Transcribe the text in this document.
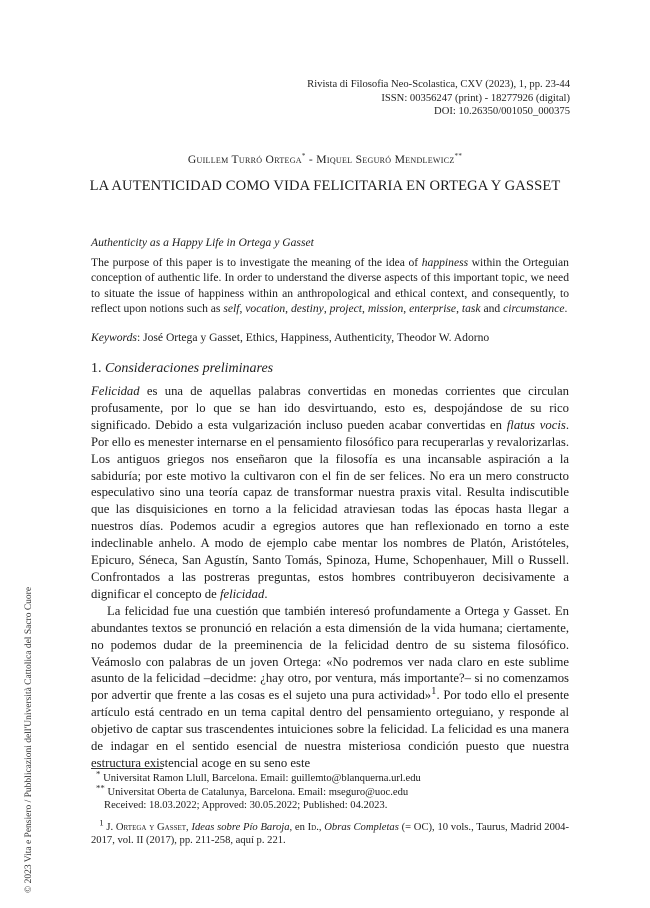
Rivista di Filosofia Neo-Scolastica, CXV (2023), 1, pp. 23-44
ISSN: 00356247 (print) - 18277926 (digital)
DOI: 10.26350/001050_000375
Guillem Turró Ortega* - Miquel Seguró Mendlewicz**
LA AUTENTICIDAD COMO VIDA FELICITARIA EN ORTEGA Y GASSET
Authenticity as a Happy Life in Ortega y Gasset
The purpose of this paper is to investigate the meaning of the idea of happiness within the Orteguian conception of authentic life. In order to understand the diverse aspects of this important topic, we need to situate the issue of happiness within an anthropological and ethical context, and consequently, to reflect upon notions such as self, vocation, destiny, project, mission, enterprise, task and circumstance.
Keywords: José Ortega y Gasset, Ethics, Happiness, Authenticity, Theodor W. Adorno
1. Consideraciones preliminares

Felicidad es una de aquellas palabras convertidas en monedas corrientes que circulan profusamente, por lo que se han ido desvirtuando, esto es, despojándose de su rico significado. Debido a esta vulgarización incluso pueden acabar convertidas en flatus vocis. Por ello es menester internarse en el pensamiento filosófico para recuperarlas y revalorizarlas. Los antiguos griegos nos enseñaron que la filosofía es una incansable aspiración a la sabiduría; por este motivo la cultivaron con el fin de ser felices. No era un mero constructo especulativo sino una teoría capaz de transformar nuestra praxis vital. Resulta indiscutible que las disquisiciones en torno a la felicidad atraviesan todas las épocas hasta llegar a nuestros días. Podemos acudir a egregios autores que han reflexionado en torno a este indeclinable anhelo. A modo de ejemplo cabe mentar los nombres de Platón, Aristóteles, Epicuro, Séneca, San Agustín, Santo Tomás, Spinoza, Hume, Schopenhauer, Mill o Russell. Confrontados a las postreras preguntas, estos hombres contribuyeron decisivamente a dignificar el concepto de felicidad.

La felicidad fue una cuestión que también interesó profundamente a Ortega y Gasset. En abundantes textos se pronunció en relación a esta dimensión de la vida humana; ciertamente, no podemos dudar de la preeminencia de la felicidad dentro de su sistema filosófico. Veámoslo con palabras de un joven Ortega: «No podremos ver nada claro en este sublime asunto de la felicidad –decidme: ¿hay otro, por ventura, más importante?– si no comenzamos por advertir que frente a las cosas es el sujeto una pura actividad»$^1$. Por todo ello el presente artículo está centrado en un tema capital dentro del pensamiento orteguiano, y responde al objetivo de captar sus trascendentes intuiciones sobre la felicidad. La felicidad es una manera de indagar en el sentido esencial de nuestra misteriosa condición puesto que nuestra estructura existencial acoge en su seno este

* Universitat Ramon Llull, Barcelona. Email: guillemto@blanquerna.url.edu
** Universitat Oberta de Catalunya, Barcelona. Email: mseguro@uoc.edu
Received: 18.03.2022; Approved: 30.05.2022; Published: 04.2023.
$^1$ J. Ortega y Gasset, Ideas sobre Pío Baroja, en Id., Obras Completas (= OC), 10 vols., Taurus, Madrid 2004-2017, vol. II (2017), pp. 211-258, aquí p. 221.
© 2023 Vita e Pensiero / Pubblicazioni dell'Università Cattolica del Sacro Cuore
